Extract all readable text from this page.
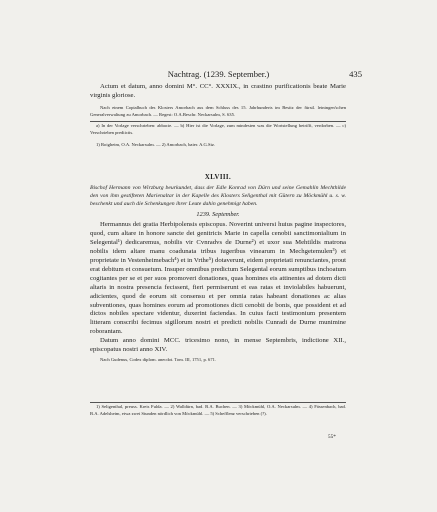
Nachtrag. (1239. September.)	435

Actum et datum, anno domini M°. CC°. XXXIX., in crastino purificationis beate Marie virginis gloriose.

Nach einem Copialbuch des Klosters Amorbach aus dem Schluss des 15. Jahrhunderts im Besitz der fürstl. leiningen'schen Generalverwaltung zu Amorbach. — Regest: O.A.Beschr. Neckarsulm, S. 635.

a) In der Vorlage verschrieben: abbacie. — b) Hier ist die Vorlage, zum mindesten was die Wortstellung betrifft, verdorben. — c) Verschrieben prediictis.

1) Roigheim, O.A. Neckarsulm. — 2) Amorbach, baier. A.G.Stz.

XLVIII.

Bischof Hermann von Wirzburg beurkundet, dass der Edle Konrad von Dürn und seine Gemahlin Mechthilde den von ihm gestifteten Marienaltar in der Kapelle des Klosters Seligenthal mit Gütern zu Möckmühl u. s. w. beschenkt und auch die Schenkungen ihrer Leute dahin genehmigt haben.

1239. September.

Hermannus dei gratia Herbipolensis episcopus. Noverint universi huius pagine inspectores, quod, cum altare in honore sancte dei genitricis Marie in capella cenobii sanctimonialium in Selegental¹) dedicaremus, nobilis vir Cvnradvs de Durne²) et uxor sua Mehtildis matrona nobilis idem altare manu coadunata tribus iugeribus vinearum in Mechgetemulen³) et proprietate in Vestenheimebach⁴) et in Vrthe⁵) dotaverunt, eidem proprietati renunciantes, prout erat debitum et consuetum. Insuper omnibus predictum Selegental eorum sumptibus inchoatum cogitantes per se et per suos promoveri donationes, quas homines eis attinentes ad dotem dicti altaris in nostra presencia fecissent, fieri permiserunt et eas ratas et inviolabiles habuerunt, adicientes, quod de eorum sit consensu et per omnia ratas habeant donationes ac alias subventiones, quas homines eorum ad promotiones dicti cenobii de bonis, que possident et ad dictos nobiles spectare videntur, duxerint faciendas. In cuius facti testimonium presentem litteram conscribi fecimus sigillorum nostri et predicti nobilis Cunradi de Durne munimine roborantam.

Datum anno domini MCC. tricesimo nono, in mense Septembris, indictione XII., episcopatus nostri anno XIV.

Nach Gudenus, Codex diplom. anecdot. Tom. III, 1751, p. 671.

1) Seligenthal, preuss. Kreis Fulda. — 2) Walldürn, bad. B.A. Buchen. — 3) Möckmühl, O.A. Neckarsulm. — 4) Fässenbach, bad. B.A. Adelsheim, etwa zwei Stunden nördlich von Möckmühl. — 5) Schefflenz verschrieben (?).

55*
